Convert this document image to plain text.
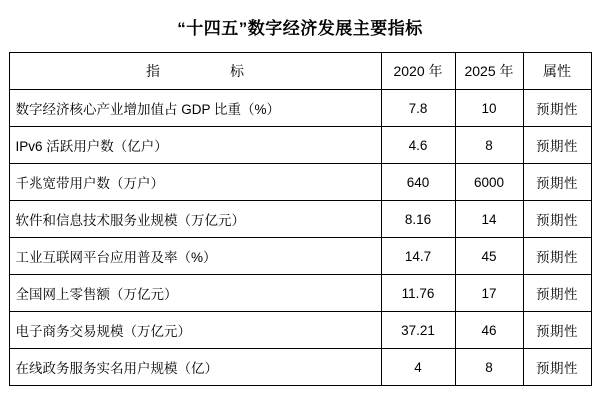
“十四五”数字经济发展主要指标
指　　标	2020 年	2025 年	属性
数字经济核心产业增加值占 GDP 比重（%）	7.8	10	预期性
IPv6 活跃用户数（亿户）	4.6	8	预期性
千兆宽带用户数（万户）	640	6000	预期性
软件和信息技术服务业规模（万亿元）	8.16	14	预期性
工业互联网平台应用普及率（%）	14.7	45	预期性
全国网上零售额（万亿元）	11.76	17	预期性
电子商务交易规模（万亿元）	37.21	46	预期性
在线政务服务实名用户规模（亿）	4	8	预期性
